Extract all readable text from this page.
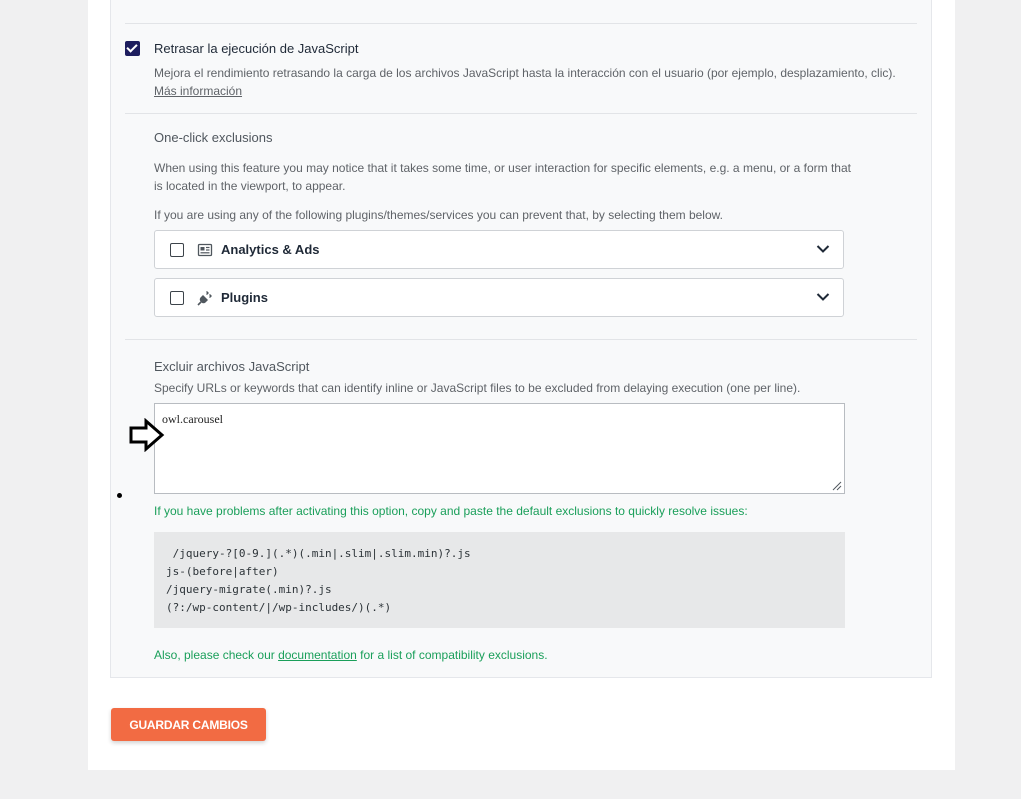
Retrasar la ejecución de JavaScript
Mejora el rendimiento retrasando la carga de los archivos JavaScript hasta la interacción con el usuario (por ejemplo, desplazamiento, clic). Más información
One-click exclusions
When using this feature you may notice that it takes some time, or user interaction for specific elements, e.g. a menu, or a form that is located in the viewport, to appear.
If you are using any of the following plugins/themes/services you can prevent that, by selecting them below.
Analytics & Ads
Plugins
Excluir archivos JavaScript
Specify URLs or keywords that can identify inline or JavaScript files to be excluded from delaying execution (one per line).
owl.carousel
If you have problems after activating this option, copy and paste the default exclusions to quickly resolve issues:
/jquery-?[0-9.](.*)(.min|.slim|.slim.min)?.js
js-(before|after)
/jquery-migrate(.min)?.js
(?:/wp-content/|/wp-includes/)(.*)
Also, please check our documentation for a list of compatibility exclusions.
GUARDAR CAMBIOS
